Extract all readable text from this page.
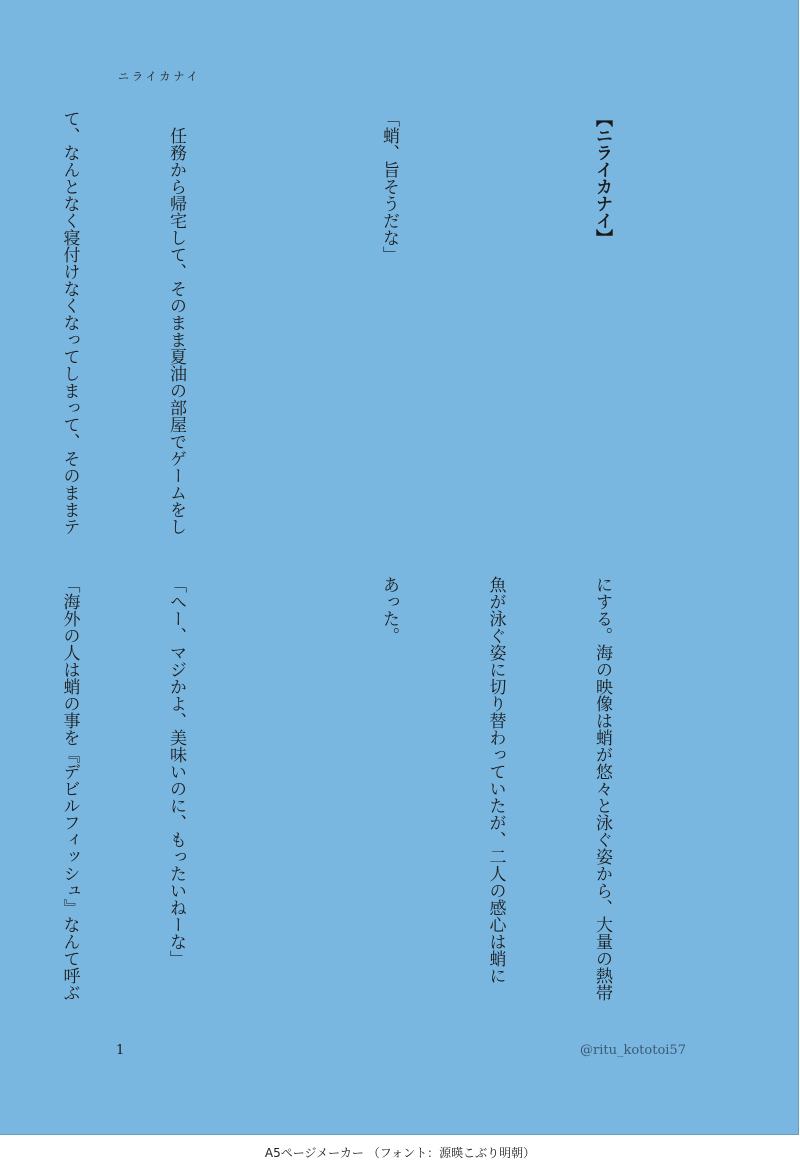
ニライカナイ

【ニライカナイ】

「蛸、旨そうだな」

　任務から帰宅して、そのまま夏油の部屋でゲームをし

て、なんとなく寝付けなくなってしまって、そのままテ

にする。海の映像は蛸が悠々と泳ぐ姿から、大量の熱帯

魚が泳ぐ姿に切り替わっていたが、二人の感心は蛸に

あった。

「へー、マジかよ、美味いのに、もったいねーな」

「海外の人は蛸の事を『デビルフィッシュ』なんて呼ぶ

1	@ritu_kototoi57
A5ページメーカー （フォント：源暎こぶり明朝）
